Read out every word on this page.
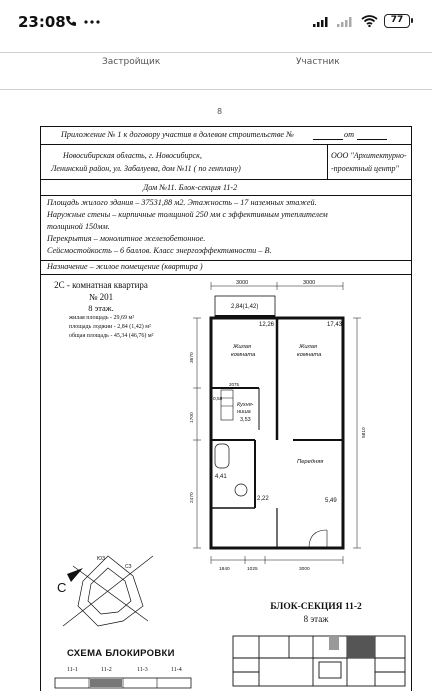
23:08	77
Застройщик	Участник
8
Приложение № 1 к договору участия в долевом строительстве №	от
Новосибирская область, г. Новосибирск,
Ленинский район, ул. Забалуева, дом №11 ( по генплану)
ООО "Архитектурно-
-проектный центр"
Дом №11. Блок-секция 11-2
Площадь жилого здания – 37531,88 м2. Этажность – 17 наземных этажей.
Наружные стены – кирпичные толщиной 250 мм с эффективным утеплителем
толщиной 150мм.
Перекрытия – монолитное железобетонное.
Сейсмостойкость – 6 баллов. Класс энергоэффективности – В.
Назначение – жилое помещение (квартира )
2С - комнатная квартира
№ 201
8 этаж.
жилая площадь - 29,69 м²
площадь лоджии - 2,84 (1,42) м²
общая площадь - 45,34 (46,76) м²
3000	3000
2,84(1,42)
12,26
Жилая
комната
17,43
Жилая
комната
Кухня-
ниша
3,53
0,58
4,41
2,22	5,49
Передняя
3670
1700
2470
5810
2075
1840	1025	3000
С
ЮЗ
СЗ
СХЕМА БЛОКИРОВКИ
11-1	11-2	11-3	11-4
БЛОК-СЕКЦИЯ 11-2
8 этаж
